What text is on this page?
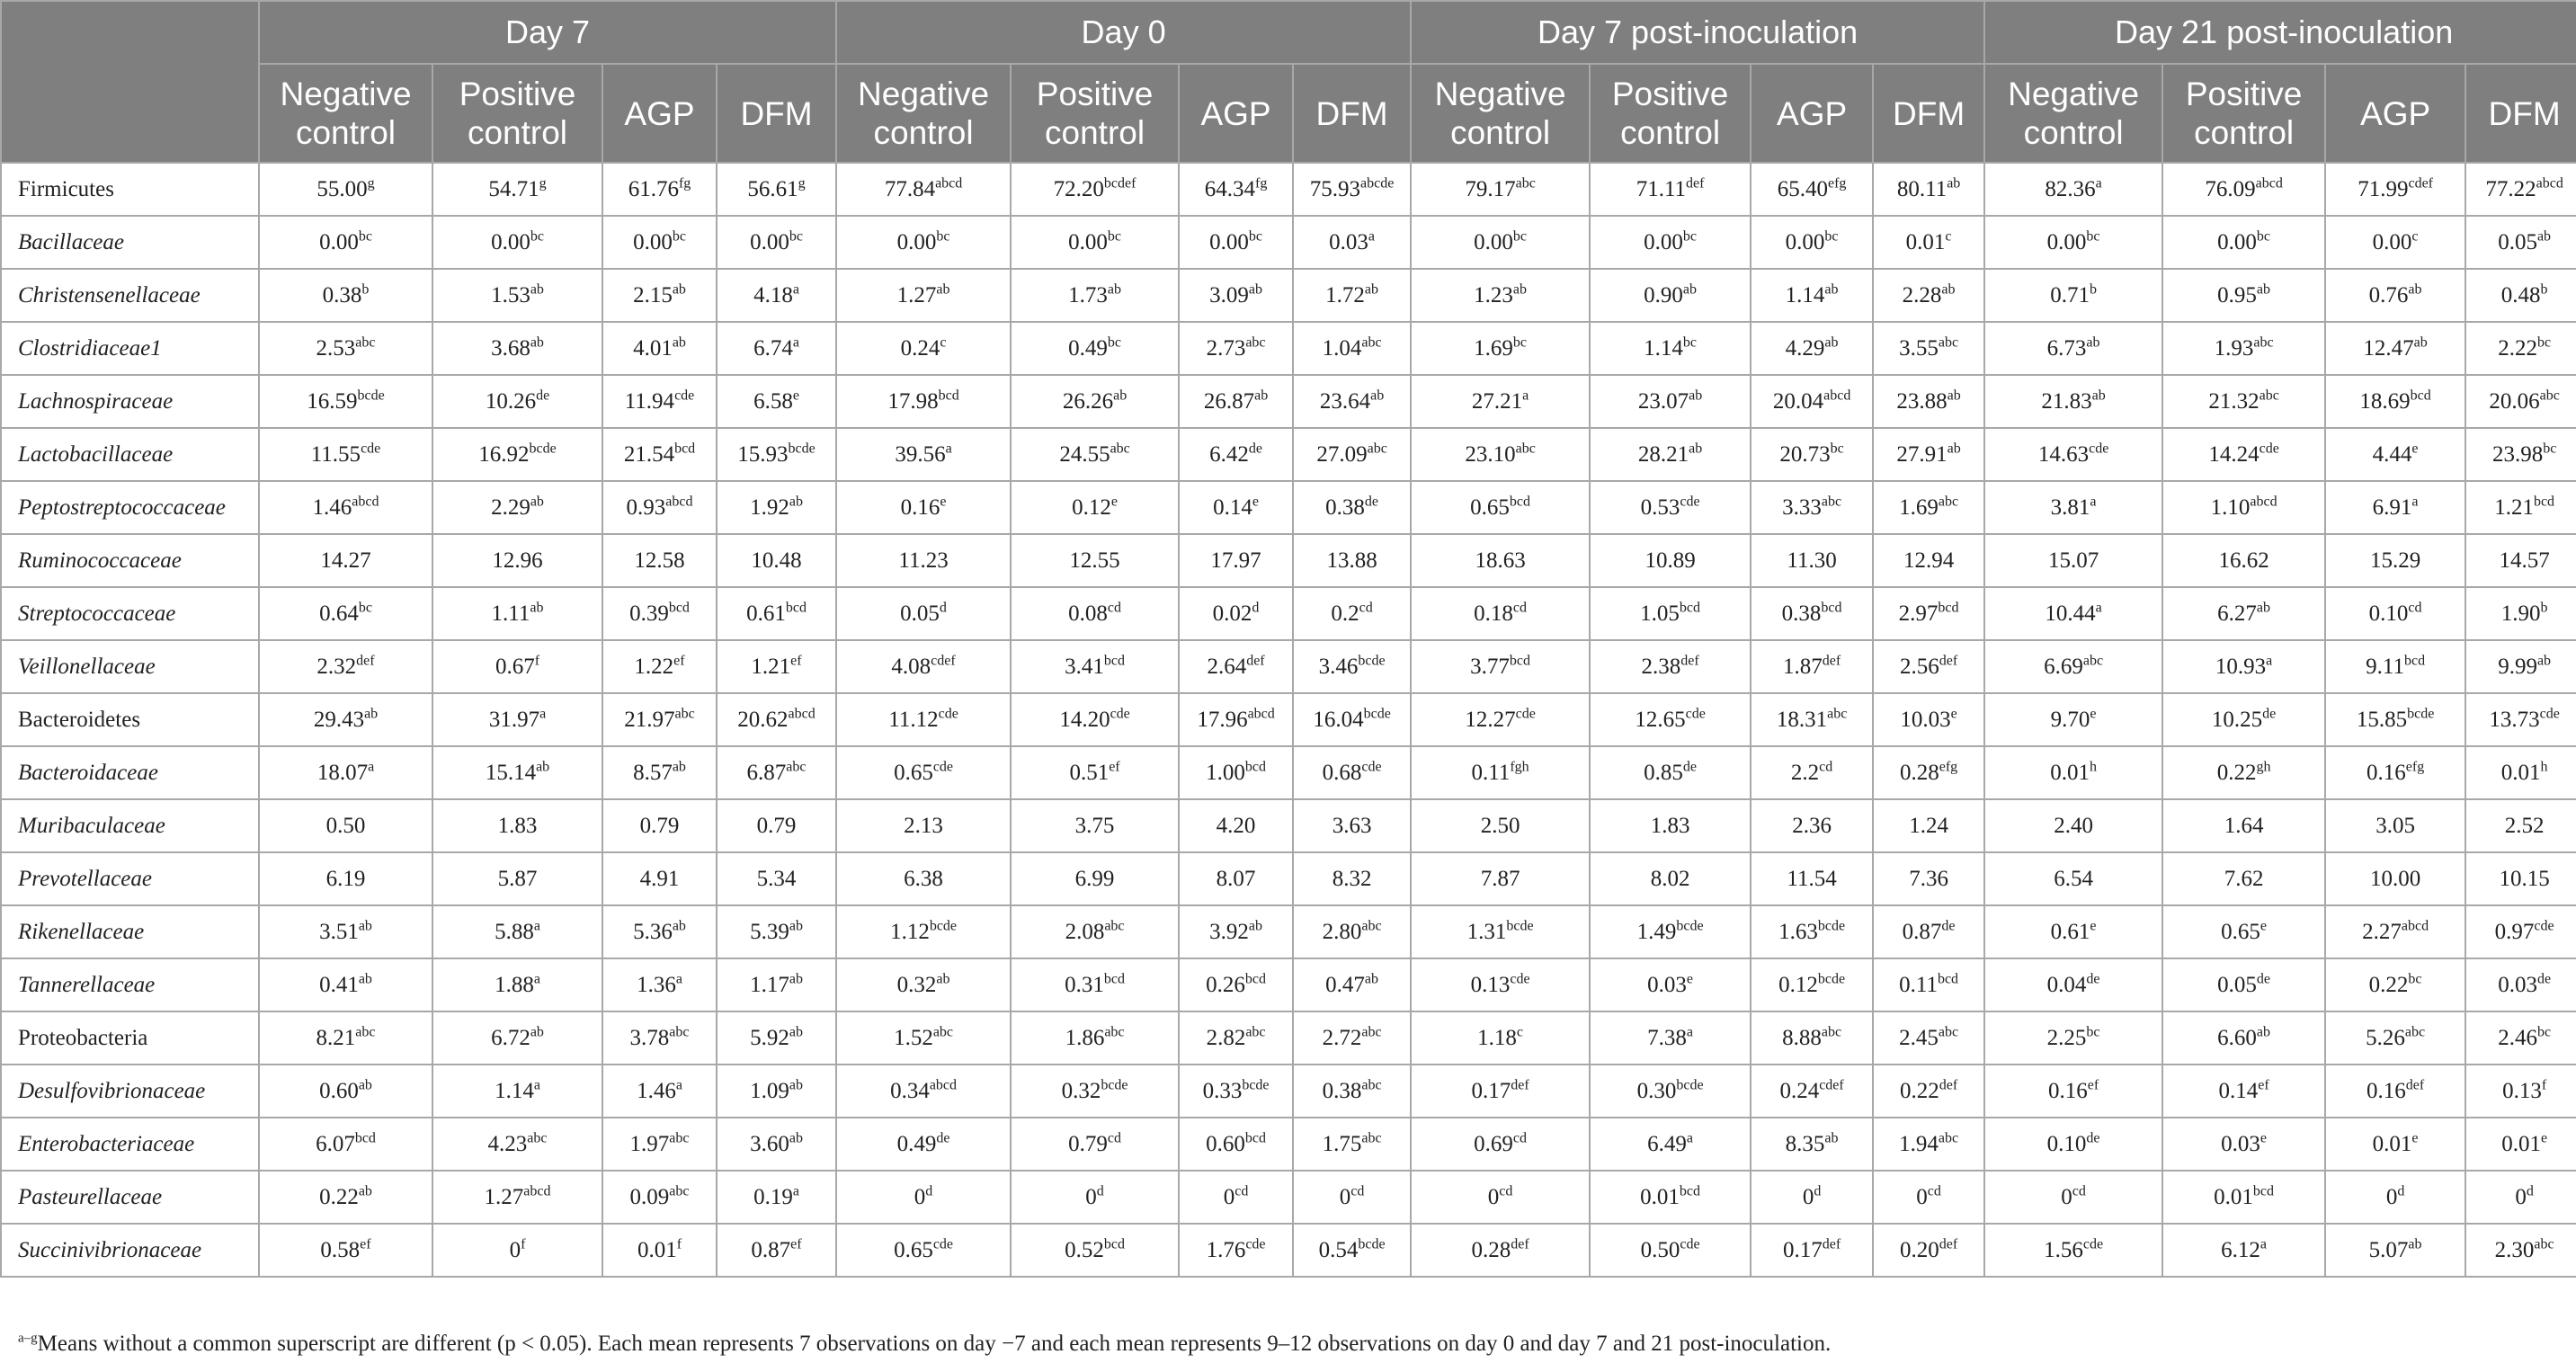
	Day 7				Day 0				Day 7 post-inoculation				Day 21 post-inoculation			
	Negative control	Positive control	AGP	DFM	Negative control	Positive control	AGP	DFM	Negative control	Positive control	AGP	DFM	Negative control	Positive control	AGP	DFM
Firmicutes	55.00$^g$	54.71$^g$	61.76$^{fg}$	56.61$^g$	$77.84^{abcd}$	$72.20^{bcdef}$	64.34$^{fg}$	$75.93^{abcde}$	79.17$^{abc}$	71.11$^{def}$	65.40$^{efg}$	80.11$^{ab}$	82.36$^a$	$76.09^{abcd}$	$71.99^{cdef}$	$77.22^{abcd}$
Bacillaceae	0.00$^{bc}$	0.00$^{bc}$	0.00$^{bc}$	0.00$^{bc}$	0.00$^{bc}$	0.00$^{bc}$	0.00$^{bc}$	0.03$^a$	0.00$^{bc}$	0.00$^{bc}$	0.00$^{bc}$	0.01$^c$	0.00$^{bc}$	0.00$^{bc}$	0.00$^c$	0.05$^{ab}$
Christensenellaceae	0.38$^b$	1.53$^{ab}$	2.15$^{ab}$	4.18$^a$	1.27$^{ab}$	1.73$^{ab}$	3.09$^{ab}$	1.72$^{ab}$	1.23$^{ab}$	0.90$^{ab}$	1.14$^{ab}$	2.28$^{ab}$	0.71$^b$	0.95$^{ab}$	0.76$^{ab}$	0.48$^b$
Clostridiaceae1	2.53$^{abc}$	3.68$^{ab}$	4.01$^{ab}$	6.74$^a$	0.24$^c$	0.49$^{bc}$	2.73$^{abc}$	1.04$^{abc}$	1.69$^{bc}$	1.14$^{bc}$	4.29$^{ab}$	3.55$^{abc}$	6.73$^{ab}$	1.93$^{abc}$	12.47$^{ab}$	2.22$^{bc}$
Lachnospiraceae	$16.59^{bcde}$	10.26de	11.94$^{cde}$	6.58e	17.98$^{bcd}$	26.26$^{ab}$	26.87$^{ab}$	23.64$^{ab}$	27.21$^a$	23.07$^{ab}$	$20.04^{abcd}$	23.88$^{ab}$	21.83$^{ab}$	21.32$^{abc}$	18.69$^{bcd}$	20.06$^{abc}$
Lactobacillaceae	11.55$^{cde}$	$16.92^{bcde}$	21.54$^{bcd}$	$15.93^{bcde}$	39.56$^a$	24.55$^{abc}$	6.42de	27.09$^{abc}$	23.10$^{abc}$	28.21$^{ab}$	20.73$^{bc}$	27.91$^{ab}$	14.63$^{cde}$	14.24$^{cde}$	4.44e	23.98$^{bc}$
Peptostreptococcaceae	$1.46^{abcd}$	2.29$^{ab}$	$0.93^{abcd}$	1.92$^{ab}$	0.16e	0.12e	0.14e	0.38de	0.65$^{bcd}$	0.53$^{cde}$	3.33$^{abc}$	1.69$^{abc}$	3.81$^a$	$1.10^{abcd}$	6.91$^a$	1.21$^{bcd}$
Ruminococcaceae	14.27	12.96	12.58	10.48	11.23	12.55	17.97	13.88	18.63	10.89	11.30	12.94	15.07	16.62	15.29	14.57
Streptococcaceae	0.64$^{bc}$	1.11$^{ab}$	0.39$^{bcd}$	0.61$^{bcd}$	0.05$^d$	0.08$^{cd}$	0.02$^d$	0.2$^{cd}$	0.18$^{cd}$	1.05$^{bcd}$	0.38$^{bcd}$	2.97$^{bcd}$	10.44$^a$	6.27$^{ab}$	0.10$^{cd}$	1.90$^b$
Veillonellaceae	2.32$^{def}$	0.67$^f$	1.22$^{ef}$	1.21$^{ef}$	$4.08^{cdef}$	3.41$^{bcd}$	2.64$^{def}$	$3.46^{bcde}$	3.77$^{bcd}$	2.38$^{def}$	1.87$^{def}$	2.56$^{def}$	6.69$^{abc}$	10.93$^a$	9.11$^{bcd}$	9.99$^{ab}$
Bacteroidetes	29.43$^{ab}$	31.97$^a$	21.97$^{abc}$	$20.62^{abcd}$	11.12$^{cde}$	14.20$^{cde}$	$17.96^{abcd}$	$16.04^{bcde}$	12.27$^{cde}$	12.65$^{cde}$	18.31$^{abc}$	10.03e	9.70e	10.25de	$15.85^{bcde}$	13.73$^{cde}$
Bacteroidaceae	18.07$^a$	15.14$^{ab}$	8.57$^{ab}$	6.87$^{abc}$	0.65$^{cde}$	0.51$^{ef}$	1.00$^{bcd}$	0.68$^{cde}$	0.11$^{fgh}$	0.85de	2.2$^{cd}$	0.28$^{efg}$	0.01$^h$	0.22$^{gh}$	0.16$^{efg}$	0.01$^h$
Muribaculaceae	0.50	1.83	0.79	0.79	2.13	3.75	4.20	3.63	2.50	1.83	2.36	1.24	2.40	1.64	3.05	2.52
Prevotellaceae	6.19	5.87	4.91	5.34	6.38	6.99	8.07	8.32	7.87	8.02	11.54	7.36	6.54	7.62	10.00	10.15
Rikenellaceae	3.51$^{ab}$	5.88$^a$	5.36$^{ab}$	5.39$^{ab}$	$1.12^{bcde}$	2.08$^{abc}$	3.92$^{ab}$	2.80$^{abc}$	$1.31^{bcde}$	$1.49^{bcde}$	$1.63^{bcde}$	0.87de	0.61e	0.65e	$2.27^{abcd}$	0.97$^{cde}$
Tannerellaceae	0.41$^{ab}$	1.88$^a$	1.36$^a$	1.17$^{ab}$	0.32$^{ab}$	0.31$^{bcd}$	0.26$^{bcd}$	0.47$^{ab}$	0.13$^{cde}$	0.03e	$0.12^{bcde}$	0.11$^{bcd}$	0.04de	0.05de	0.22$^{bc}$	0.03de
Proteobacteria	8.21$^{abc}$	6.72$^{ab}$	3.78$^{abc}$	5.92$^{ab}$	1.52$^{abc}$	1.86$^{abc}$	2.82$^{abc}$	2.72$^{abc}$	1.18$^c$	7.38$^a$	8.88$^{abc}$	2.45$^{abc}$	2.25$^{bc}$	6.60$^{ab}$	5.26$^{abc}$	2.46$^{bc}$
Desulfovibrionaceae	0.60$^{ab}$	1.14$^a$	1.46$^a$	1.09$^{ab}$	$0.34^{abcd}$	$0.32^{bcde}$	$0.33^{bcde}$	0.38$^{abc}$	0.17$^{def}$	$0.30^{bcde}$	$0.24^{cdef}$	0.22$^{def}$	0.16$^{ef}$	0.14$^{ef}$	0.16$^{def}$	0.13$^f$
Enterobacteriaceae	6.07$^{bcd}$	4.23$^{abc}$	1.97$^{abc}$	3.60$^{ab}$	0.49de	0.79$^{cd}$	0.60$^{bcd}$	1.75$^{abc}$	0.69$^{cd}$	6.49$^a$	8.35$^{ab}$	1.94$^{abc}$	0.10de	0.03e	0.01e	0.01e
Pasteurellaceae	0.22$^{ab}$	$1.27^{abcd}$	0.09$^{abc}$	0.19$^a$	0$^d$	0$^d$	$0^{cd}$	$0^{cd}$	$0^{cd}$	0.01$^{bcd}$	0$^d$	$0^{cd}$	$0^{cd}$	0.01$^{bcd}$	0$^d$	0$^d$
Succinivibrionaceae	0.58$^{ef}$	0$^f$	0.01$^f$	0.87$^{ef}$	0.65$^{cde}$	0.52$^{bcd}$	1.76$^{cde}$	$0.54^{bcde}$	0.28$^{def}$	0.50$^{cde}$	0.17$^{def}$	0.20$^{def}$	1.56$^{cde}$	6.12$^a$	5.07$^{ab}$	2.30$^{abc}$
$^{a-g}$Means without a common superscript are different (p < 0.05). Each mean represents 7 observations on day −7 and each mean represents 9–12 observations on day 0 and day 7 and 21 post-inoculation.
